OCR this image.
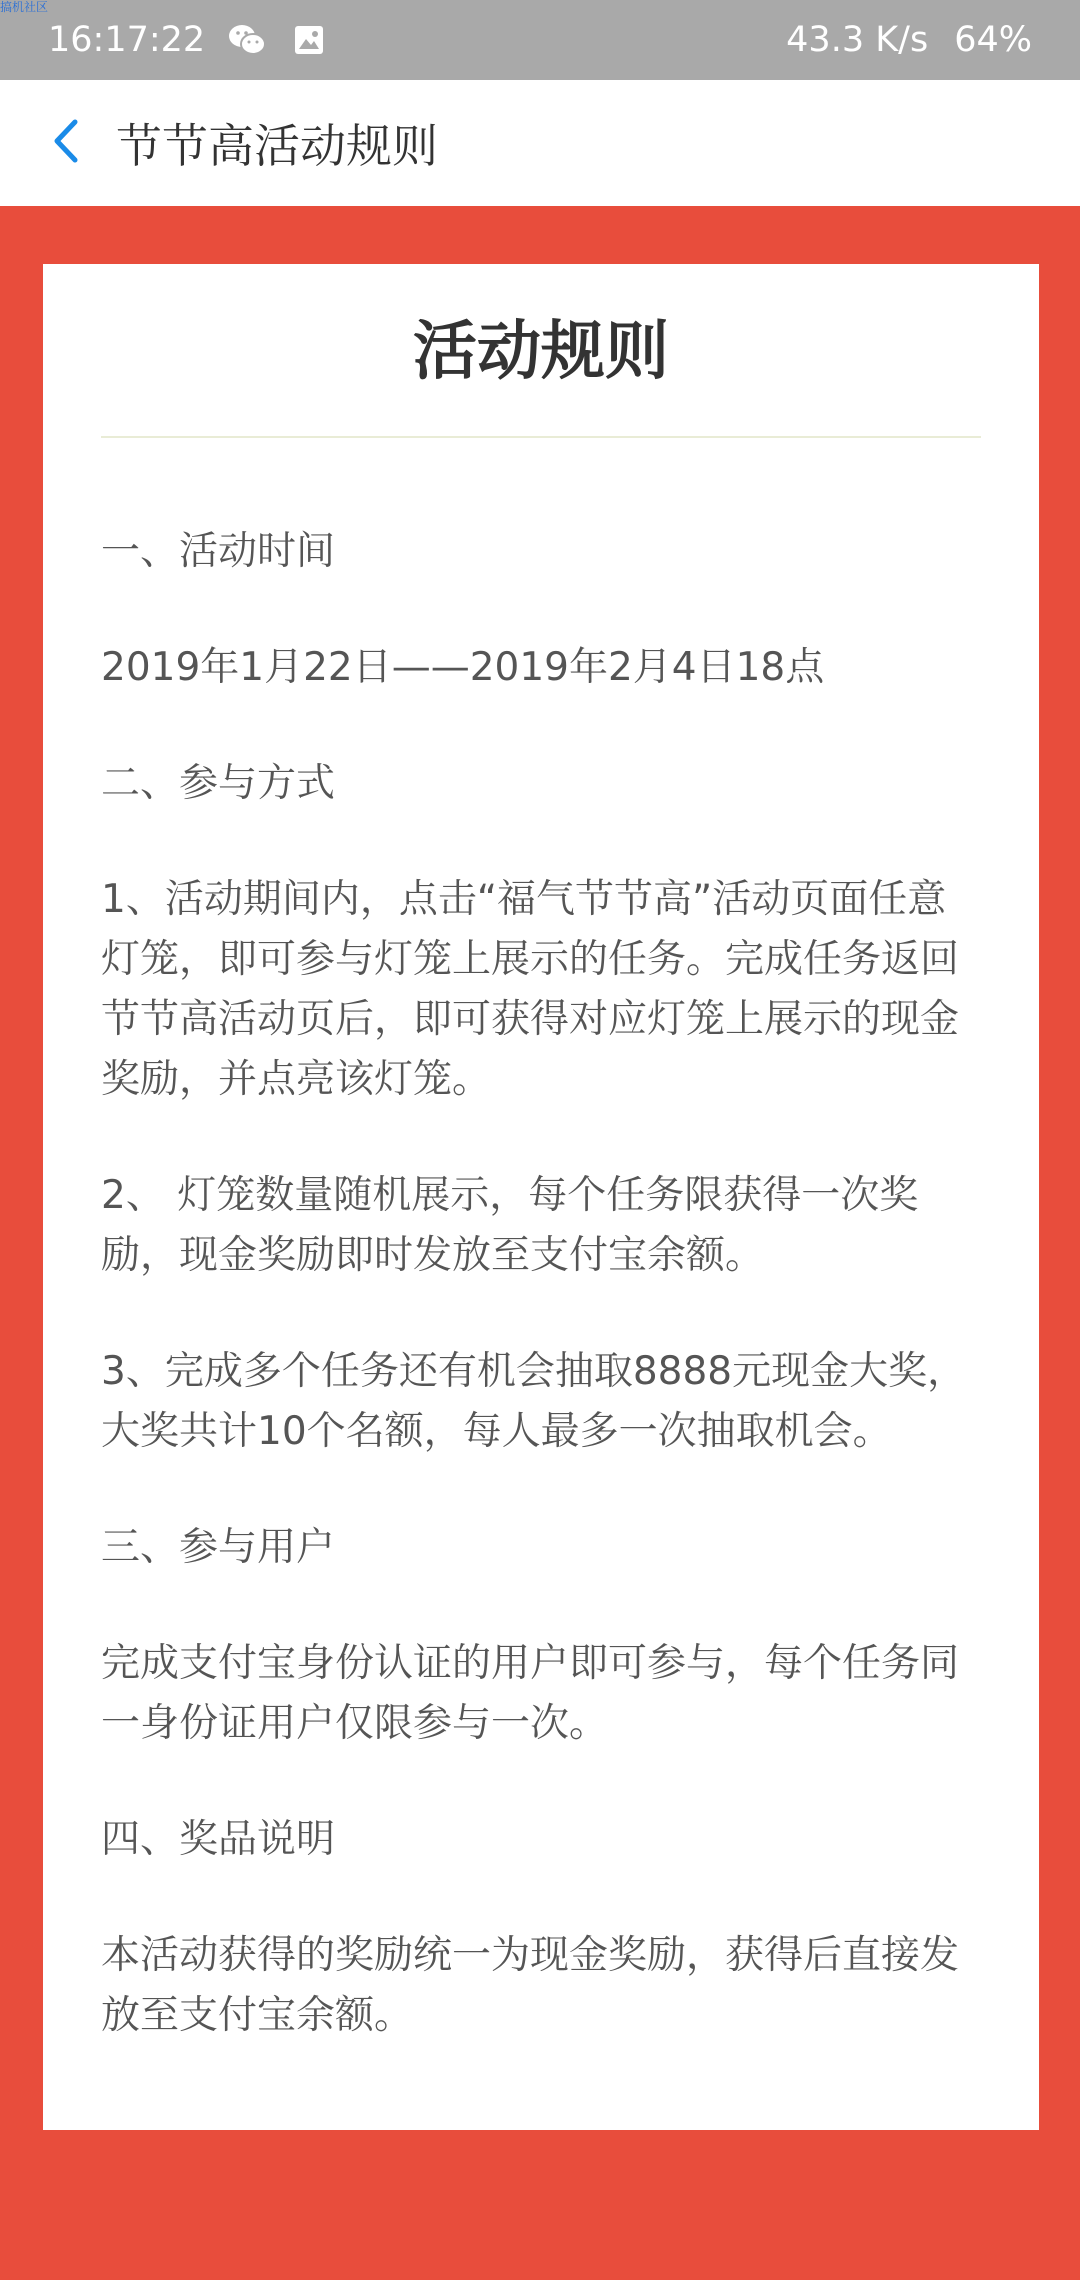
搞机社区
16:17:22	43.3 K/s 64%
节节高活动规则
活动规则

一、活动时间

2019年1月22日——2019年2月4日18点

二、参与方式

1、活动期间内，点击“福气节节高”活动页面任意灯笼，即可参与灯笼上展示的任务。完成任务返回节节高活动页后，即可获得对应灯笼上展示的现金奖励，并点亮该灯笼。

2、 灯笼数量随机展示，每个任务限获得一次奖励，现金奖励即时发放至支付宝余额。

3、完成多个任务还有机会抽取8888元现金大奖，大奖共计10个名额，每人最多一次抽取机会。

三、参与用户

完成支付宝身份认证的用户即可参与，每个任务同一身份证用户仅限参与一次。

四、奖品说明

本活动获得的奖励统一为现金奖励，获得后直接发放至支付宝余额。
